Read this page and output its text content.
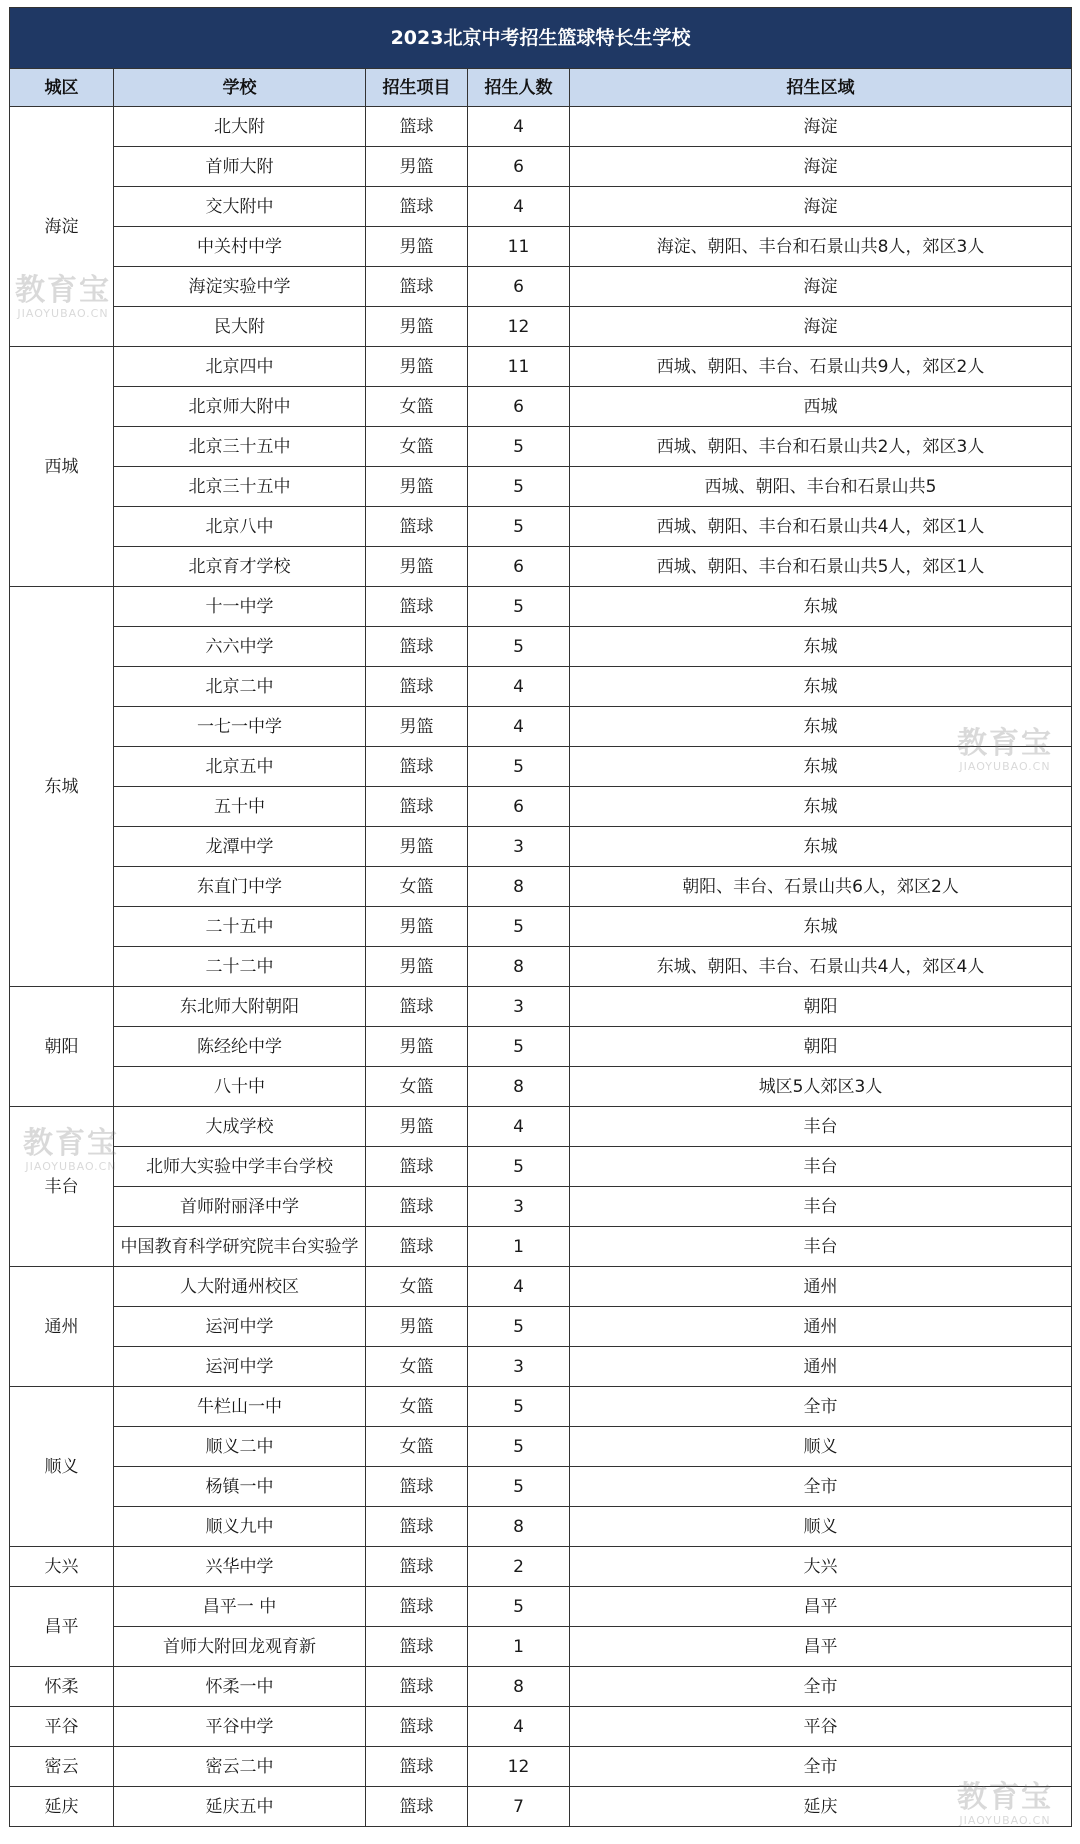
2023北京中考招生篮球特长生学校				
城区	学校	招生项目	招生人数	招生区域
海淀	北大附	篮球	4	海淀
	首师大附	男篮	6	海淀
	交大附中	篮球	4	海淀
	中关村中学	男篮	11	海淀、朝阳、丰台和石景山共8人，郊区3人
	海淀实验中学	篮球	6	海淀
	民大附	男篮	12	海淀
西城	北京四中	男篮	11	西城、朝阳、丰台、石景山共9人，郊区2人
	北京师大附中	女篮	6	西城
	北京三十五中	女篮	5	西城、朝阳、丰台和石景山共2人，郊区3人
	北京三十五中	男篮	5	西城、朝阳、丰台和石景山共5
	北京八中	篮球	5	西城、朝阳、丰台和石景山共4人，郊区1人
	北京育才学校	男篮	6	西城、朝阳、丰台和石景山共5人，郊区1人
东城	十一中学	篮球	5	东城
	六六中学	篮球	5	东城
	北京二中	篮球	4	东城
	一七一中学	男篮	4	东城
	北京五中	篮球	5	东城
	五十中	篮球	6	东城
	龙潭中学	男篮	3	东城
	东直门中学	女篮	8	朝阳、丰台、石景山共6人，郊区2人
	二十五中	男篮	5	东城
	二十二中	男篮	8	东城、朝阳、丰台、石景山共4人，郊区4人
朝阳	东北师大附朝阳	篮球	3	朝阳
	陈经纶中学	男篮	5	朝阳
	八十中	女篮	8	城区5人郊区3人
丰台	大成学校	男篮	4	丰台
	北师大实验中学丰台学校	篮球	5	丰台
	首师附丽泽中学	篮球	3	丰台
	中国教育科学研究院丰台实验学	篮球	1	丰台
通州	人大附通州校区	女篮	4	通州
	运河中学	男篮	5	通州
	运河中学	女篮	3	通州
顺义	牛栏山一中	女篮	5	全市
	顺义二中	女篮	5	顺义
	杨镇一中	篮球	5	全市
	顺义九中	篮球	8	顺义
大兴	兴华中学	篮球	2	大兴
昌平	昌平一 中	篮球	5	昌平
	首师大附回龙观育新	篮球	1	昌平
怀柔	怀柔一中	篮球	8	全市
平谷	平谷中学	篮球	4	平谷
密云	密云二中	篮球	12	全市
延庆	延庆五中	篮球	7	延庆
教育宝
JIAOYUBAO.CN
教育宝
JIAOYUBAO.CN
教育宝
JIAOYUBAO.CN
教育宝
JIAOYUBAO.CN
